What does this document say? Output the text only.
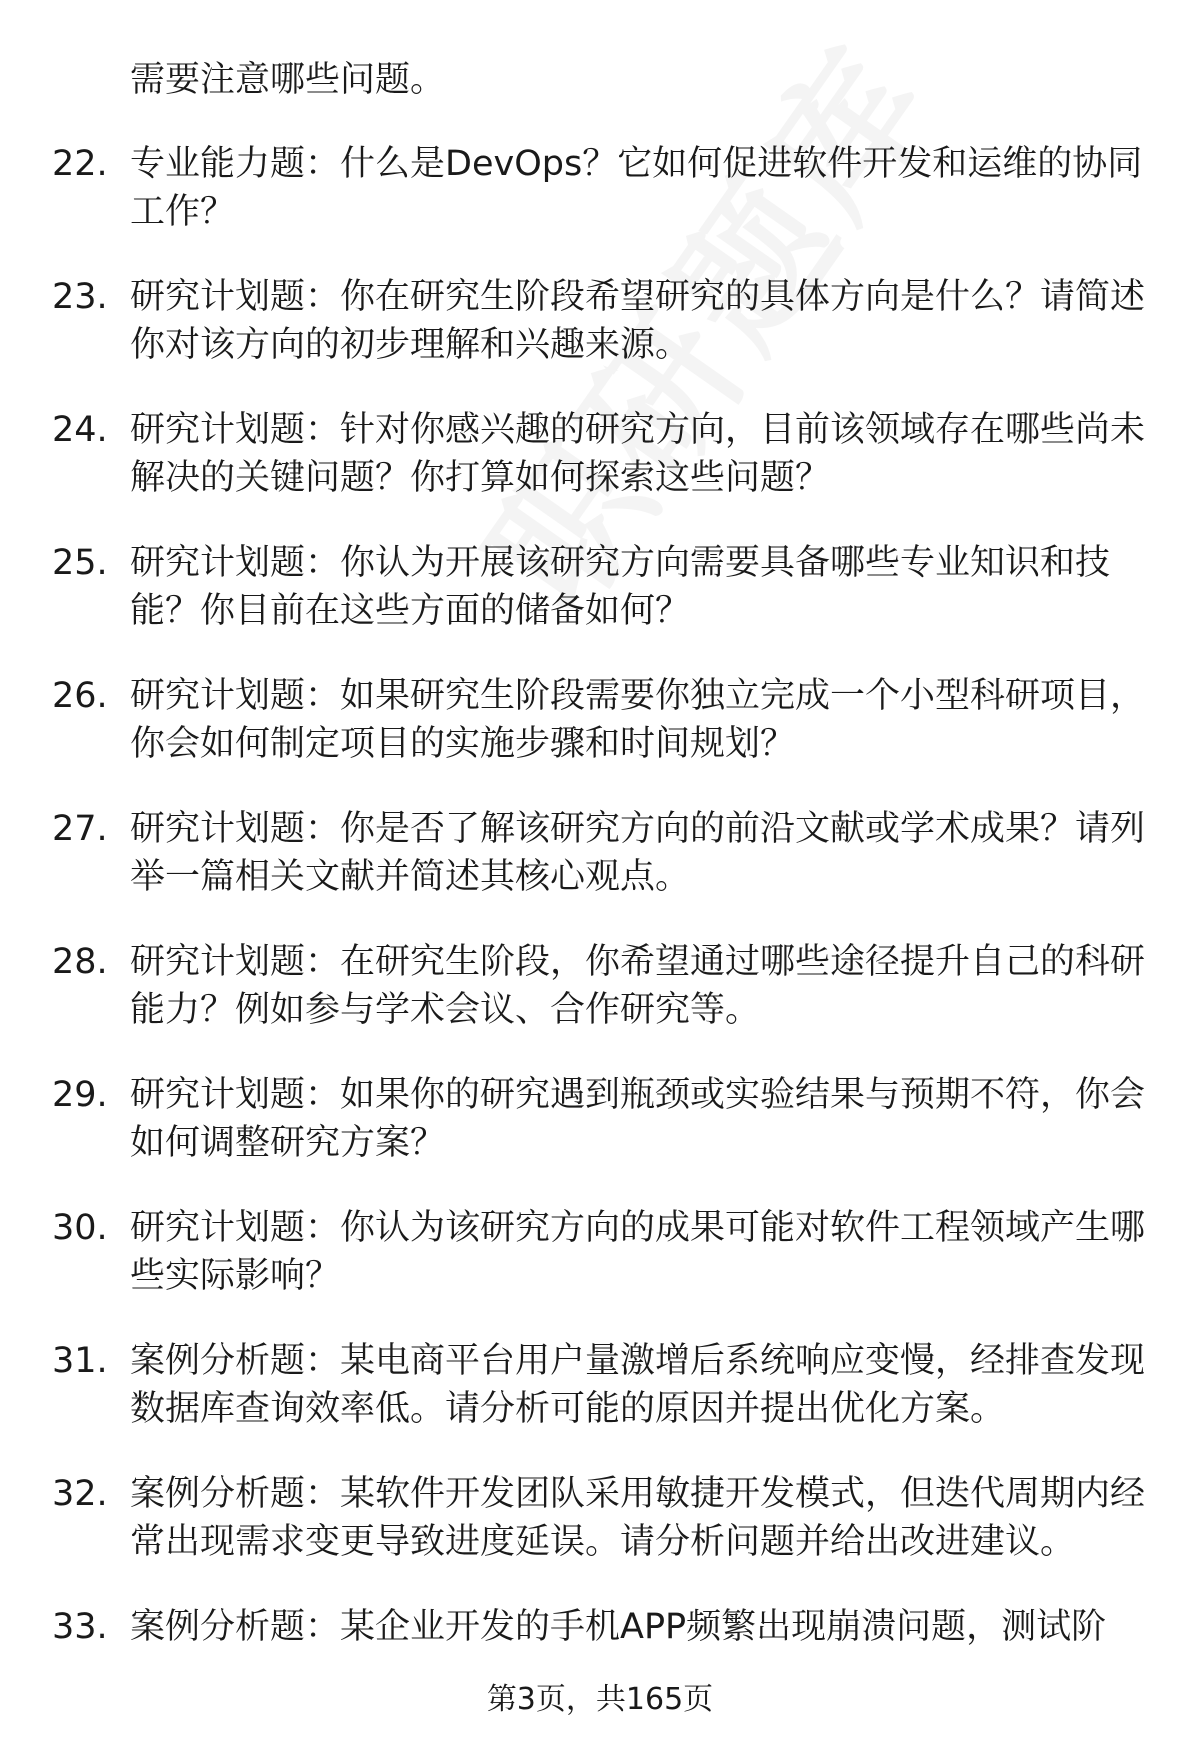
需要注意哪些问题。
22. 专业能力题：什么是DevOps？它如何促进软件开发和运维的协同工作？
23. 研究计划题：你在研究生阶段希望研究的具体方向是什么？请简述你对该方向的初步理解和兴趣来源。
24. 研究计划题：针对你感兴趣的研究方向，目前该领域存在哪些尚未解决的关键问题？你打算如何探索这些问题？
25. 研究计划题：你认为开展该研究方向需要具备哪些专业知识和技能？你目前在这些方面的储备如何？
26. 研究计划题：如果研究生阶段需要你独立完成一个小型科研项目，你会如何制定项目的实施步骤和时间规划？
27. 研究计划题：你是否了解该研究方向的前沿文献或学术成果？请列举一篇相关文献并简述其核心观点。
28. 研究计划题：在研究生阶段，你希望通过哪些途径提升自己的科研能力？例如参与学术会议、合作研究等。
29. 研究计划题：如果你的研究遇到瓶颈或实验结果与预期不符，你会如何调整研究方案？
30. 研究计划题：你认为该研究方向的成果可能对软件工程领域产生哪些实际影响？
31. 案例分析题：某电商平台用户量激增后系统响应变慢，经排查发现数据库查询效率低。请分析可能的原因并提出优化方案。
32. 案例分析题：某软件开发团队采用敏捷开发模式，但迭代周期内经常出现需求变更导致进度延误。请分析问题并给出改进建议。
33. 案例分析题：某企业开发的手机APP频繁出现崩溃问题，测试阶
第3页，共165页
